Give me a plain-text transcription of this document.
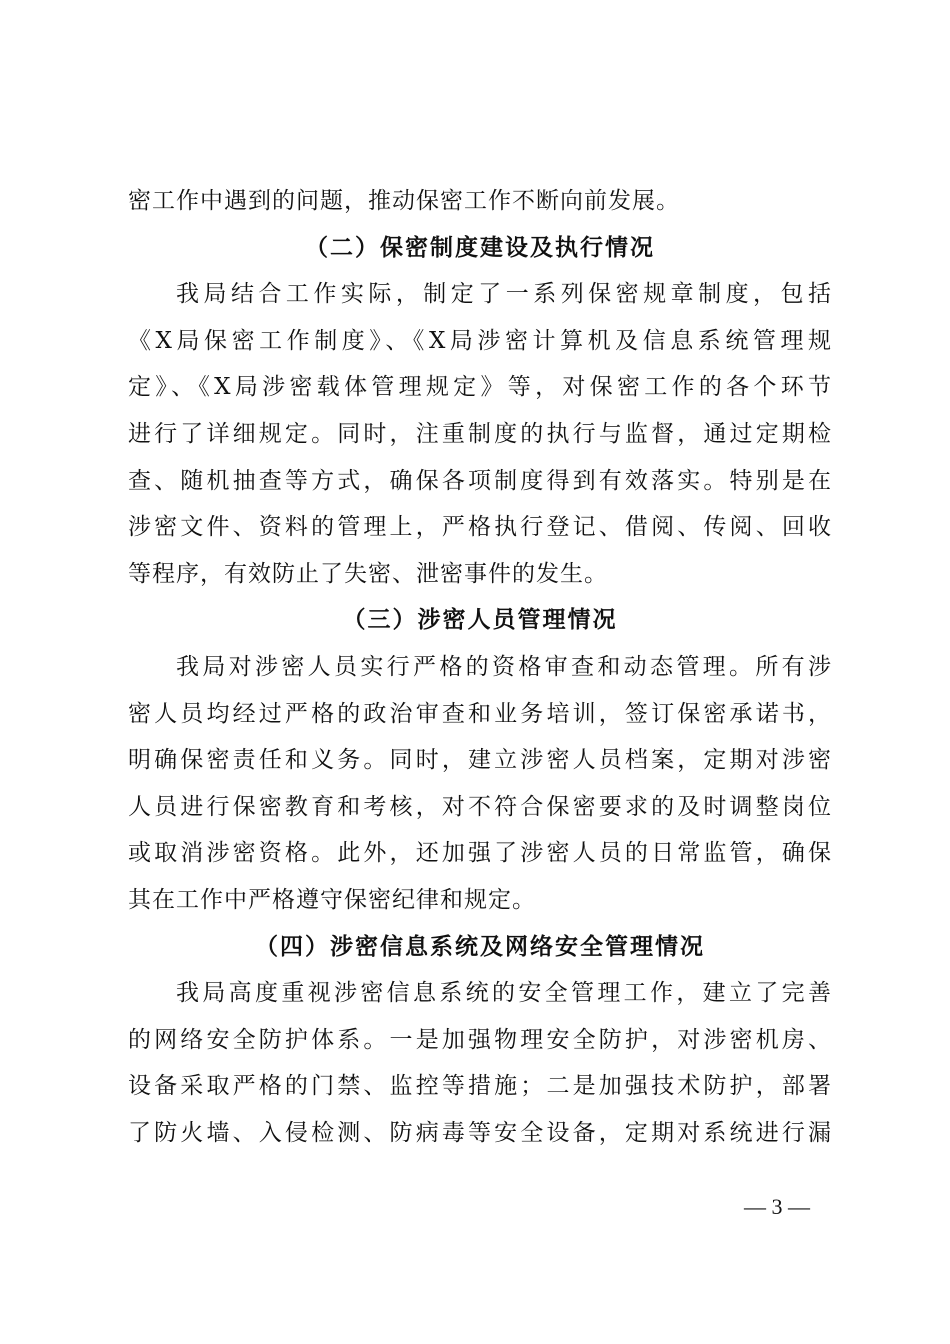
密工作中遇到的问题，推动保密工作不断向前发展。
（二）保密制度建设及执行情况
我局结合工作实际，制定了一系列保密规章制度，包括
《X局保密工作制度》、《X局涉密计算机及信息系统管理规
定》、《X局涉密载体管理规定》等，对保密工作的各个环节
进行了详细规定。同时，注重制度的执行与监督，通过定期检
查、随机抽查等方式，确保各项制度得到有效落实。特别是在
涉密文件、资料的管理上，严格执行登记、借阅、传阅、回收
等程序，有效防止了失密、泄密事件的发生。
（三）涉密人员管理情况
我局对涉密人员实行严格的资格审查和动态管理。所有涉
密人员均经过严格的政治审查和业务培训，签订保密承诺书，
明确保密责任和义务。同时，建立涉密人员档案，定期对涉密
人员进行保密教育和考核，对不符合保密要求的及时调整岗位
或取消涉密资格。此外，还加强了涉密人员的日常监管，确保
其在工作中严格遵守保密纪律和规定。
（四）涉密信息系统及网络安全管理情况
我局高度重视涉密信息系统的安全管理工作，建立了完善
的网络安全防护体系。一是加强物理安全防护，对涉密机房、
设备采取严格的门禁、监控等措施；二是加强技术防护，部署
了防火墙、入侵检测、防病毒等安全设备，定期对系统进行漏
— 3 —
